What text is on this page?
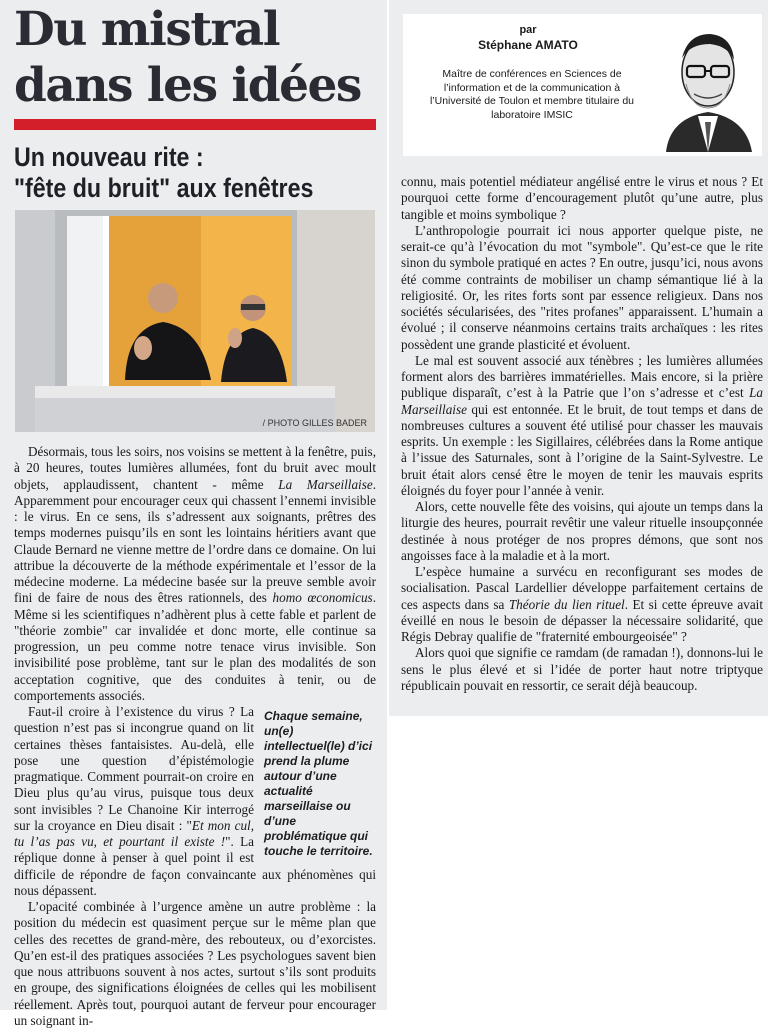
Du mistral
dans les idées
Un nouveau rite :
"fête du bruit" aux fenêtres
/ PHOTO GILLES BADER
par
Stéphane AMATO
Maître de conférences en Sciences de l’information et de la communication à l’Université de Toulon et membre titulaire du laboratoire IMSIC

Désormais, tous les soirs, nos voisins se mettent à la fenêtre, puis, à 20 heures, toutes lumières allumées, font du bruit avec moult objets, applaudissent, chantent - même La Marseillaise. Apparemment pour encourager ceux qui chassent l’ennemi invisible : le virus. En ce sens, ils s’adressent aux soignants, prêtres des temps modernes puisqu’ils en sont les lointains héritiers avant que Claude Bernard ne vienne mettre de l’ordre dans ce domaine. On lui attribue la découverte de la méthode expérimentale et l’essor de la médecine moderne. La médecine basée sur la preuve semble avoir fini de faire de nous des êtres rationnels, des homo œconomicus. Même si les scientifiques n’adhèrent plus à cette fable et parlent de "théorie zombie" car invalidée et donc morte, elle continue sa progression, un peu comme notre tenace virus invisible. Son invisibilité pose problème, tant sur le plan des modalités de son acceptation cognitive, que des conduites à tenir, ou de comportements associés.

Chaque semaine, un(e) intellectuel(le) d’ici prend la plume autour d’une actualité marseillaise ou d’une problématique qui touche le territoire.

Faut-il croire à l’existence du virus ? La question n’est pas si incongrue quand on lit certaines thèses fantaisistes. Au-delà, elle pose une question d’épistémologie pragmatique. Comment pourrait-on croire en Dieu plus qu’au virus, puisque tous deux sont invisibles ? Le Chanoine Kir interrogé sur la croyance en Dieu disait : "Et mon cul, tu l’as pas vu, et pourtant il existe !". La réplique donne à penser à quel point il est difficile de répondre de façon convaincante aux phénomènes qui nous dépassent.

L’opacité combinée à l’urgence amène un autre problème : la position du médecin est quasiment perçue sur le même plan que celles des recettes de grand-mère, des rebouteux, ou d’exorcistes. Qu’en est-il des pratiques associées ? Les psychologues savent bien que nous attribuons souvent à nos actes, surtout s’ils sont produits en groupe, des significations éloignées de celles qui les mobilisent réellement. Après tout, pourquoi autant de ferveur pour encourager un soignant in-

connu, mais potentiel médiateur angélisé entre le virus et nous ? Et pourquoi cette forme d’encouragement plutôt qu’une autre, plus tangible et moins symbolique ?

L’anthropologie pourrait ici nous apporter quelque piste, ne serait-ce qu’à l’évocation du mot "symbole". Qu’est-ce que le rite sinon du symbole pratiqué en actes ? En outre, jusqu’ici, nous avons été comme contraints de mobiliser un champ sémantique lié à la religiosité. Or, les rites forts sont par essence religieux. Dans nos sociétés sécularisées, des "rites profanes" apparaissent. L’humain a évolué ; il conserve néanmoins certains traits archaïques : les rites possèdent une grande plasticité et évoluent.

Le mal est souvent associé aux ténèbres ; les lumières allumées forment alors des barrières immatérielles. Mais encore, si la prière publique disparaît, c’est à la Patrie que l’on s’adresse et c’est La Marseillaise qui est entonnée. Et le bruit, de tout temps et dans de nombreuses cultures a souvent été utilisé pour chasser les mauvais esprits. Un exemple : les Sigillaires, célébrées dans la Rome antique à l’issue des Saturnales, sont à l’origine de la Saint-Sylvestre. Le bruit était alors censé être le moyen de tenir les mauvais esprits éloignés du foyer pour l’année à venir.

Alors, cette nouvelle fête des voisins, qui ajoute un temps dans la liturgie des heures, pourrait revêtir une valeur rituelle insoupçonnée destinée à nous protéger de nos propres démons, que sont nos angoisses face à la maladie et à la mort.

L’espèce humaine a survécu en reconfigurant ses modes de socialisation. Pascal Lardellier développe parfaitement certains de ces aspects dans sa Théorie du lien rituel. Et si cette épreuve avait éveillé en nous le besoin de dépasser la nécessaire solidarité, que Régis Debray qualifie de "fraternité embourgeoisée" ?

Alors quoi que signifie ce ramdam (de ramadan !), donnons-lui le sens le plus élevé et si l’idée de porter haut notre triptyque républicain pouvait en ressortir, ce serait déjà beaucoup.
